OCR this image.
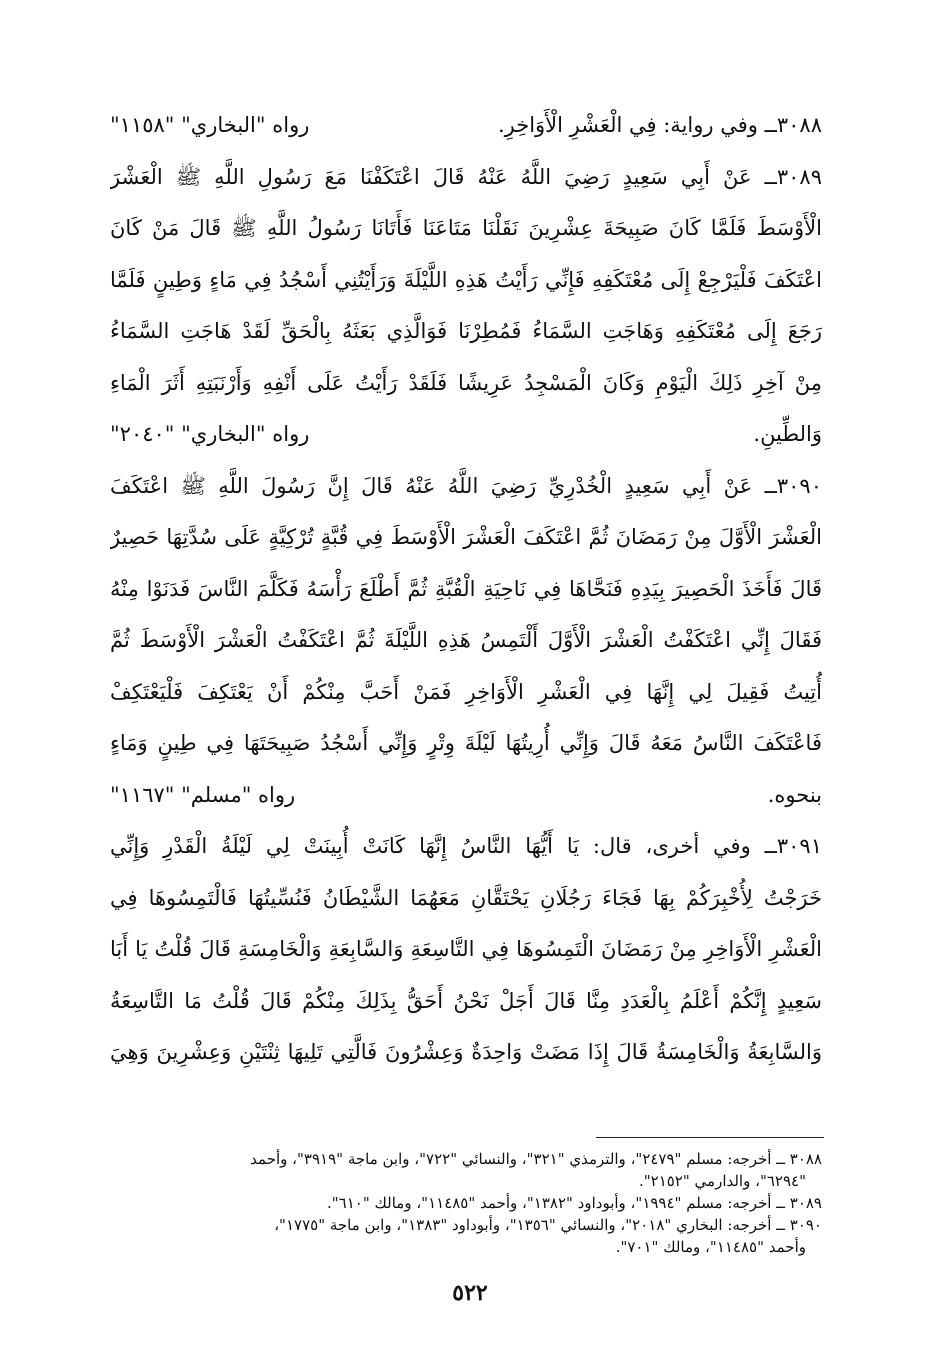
٣٠٨٨ــ وفي رواية: فِي الْعَشْرِ الْأَوَاخِرِ.
رواه "البخاري" "١١٥٨"
٣٠٨٩ــ عَنْ أَبِي سَعِيدٍ رَضِيَ اللَّهُ عَنْهُ قَالَ اعْتَكَفْنَا مَعَ رَسُولِ اللَّهِ ﷺ الْعَشْرَ
الْأَوْسَطَ فَلَمَّا كَانَ صَبِيحَةَ عِشْرِينَ نَقَلْنَا مَتَاعَنَا فَأَتَانَا رَسُولُ اللَّهِ ﷺ قَالَ مَنْ كَانَ
اعْتَكَفَ فَلْيَرْجِعْ إِلَى مُعْتَكَفِهِ فَإِنِّي رَأَيْتُ هَذِهِ اللَّيْلَةَ وَرَأَيْتُنِي أَسْجُدُ فِي مَاءٍ وَطِينٍ فَلَمَّا
رَجَعَ إِلَى مُعْتَكَفِهِ وَهَاجَتِ السَّمَاءُ فَمُطِرْنَا فَوَالَّذِي بَعَثَهُ بِالْحَقِّ لَقَدْ هَاجَتِ السَّمَاءُ
مِنْ آخِرِ ذَلِكَ الْيَوْمِ وَكَانَ الْمَسْجِدُ عَرِيشًا فَلَقَدْ رَأَيْتُ عَلَى أَنْفِهِ وَأَرْنَبَتِهِ أَثَرَ الْمَاءِ
وَالطِّينِ.
رواه "البخاري" "٢٠٤٠"
٣٠٩٠ــ عَنْ أَبِي سَعِيدٍ الْخُدْرِيِّ رَضِيَ اللَّهُ عَنْهُ قَالَ إِنَّ رَسُولَ اللَّهِ ﷺ اعْتَكَفَ
الْعَشْرَ الْأَوَّلَ مِنْ رَمَضَانَ ثُمَّ اعْتَكَفَ الْعَشْرَ الْأَوْسَطَ فِي قُبَّةٍ تُرْكِيَّةٍ عَلَى سُدَّتِهَا حَصِيرٌ
قَالَ فَأَخَذَ الْحَصِيرَ بِيَدِهِ فَنَحَّاهَا فِي نَاحِيَةِ الْقُبَّةِ ثُمَّ أَطْلَعَ رَأْسَهُ فَكَلَّمَ النَّاسَ فَدَنَوْا مِنْهُ
فَقَالَ إِنِّي اعْتَكَفْتُ الْعَشْرَ الْأَوَّلَ أَلْتَمِسُ هَذِهِ اللَّيْلَةَ ثُمَّ اعْتَكَفْتُ الْعَشْرَ الْأَوْسَطَ ثُمَّ
أُتِيتُ فَقِيلَ لِي إِنَّهَا فِي الْعَشْرِ الْأَوَاخِرِ فَمَنْ أَحَبَّ مِنْكُمْ أَنْ يَعْتَكِفَ فَلْيَعْتَكِفْ
فَاعْتَكَفَ النَّاسُ مَعَهُ قَالَ وَإِنِّي أُرِيتُهَا لَيْلَةَ وِتْرٍ وَإِنِّي أَسْجُدُ صَبِيحَتَهَا فِي طِينٍ وَمَاءٍ
بنحوه.
رواه "مسلم" "١١٦٧"
٣٠٩١ــ وفي أخرى، قال: يَا أَيُّهَا النَّاسُ إِنَّهَا كَانَتْ أُبِينَتْ لِي لَيْلَةُ الْقَدْرِ وَإِنِّي
خَرَجْتُ لِأُخْبِرَكُمْ بِهَا فَجَاءَ رَجُلَانِ يَحْتَقَّانِ مَعَهُمَا الشَّيْطَانُ فَنُسِّيتُهَا فَالْتَمِسُوهَا فِي
الْعَشْرِ الْأَوَاخِرِ مِنْ رَمَضَانَ الْتَمِسُوهَا فِي التَّاسِعَةِ وَالسَّابِعَةِ وَالْخَامِسَةِ قَالَ قُلْتُ يَا أَبَا
سَعِيدٍ إِنَّكُمْ أَعْلَمُ بِالْعَدَدِ مِنَّا قَالَ أَجَلْ نَحْنُ أَحَقُّ بِذَلِكَ مِنْكُمْ قَالَ قُلْتُ مَا التَّاسِعَةُ
وَالسَّابِعَةُ وَالْخَامِسَةُ قَالَ إِذَا مَضَتْ وَاحِدَةٌ وَعِشْرُونَ فَالَّتِي تَلِيهَا ثِنْتَيْنِ وَعِشْرِينَ وَهِيَ
٣٠٨٨ ــ أخرجه: مسلم "٢٤٧٩"، والترمذي "٣٢١"، والنسائي "٧٢٢"، وابن ماجة "٣٩١٩"، وأحمد
"٦٢٩٤"، والدارمي "٢١٥٢".
٣٠٨٩ ــ أخرجه: مسلم "١٩٩٤"، وأبوداود "١٣٨٢"، وأحمد "١١٤٨٥"، ومالك "٦١٠".
٣٠٩٠ ــ أخرجه: البخاري "٢٠١٨"، والنسائي "١٣٥٦"، وأبوداود "١٣٨٣"، وابن ماجة "١٧٧٥"،
وأحمد "١١٤٨٥"، ومالك "٧٠١".
٥٢٢
